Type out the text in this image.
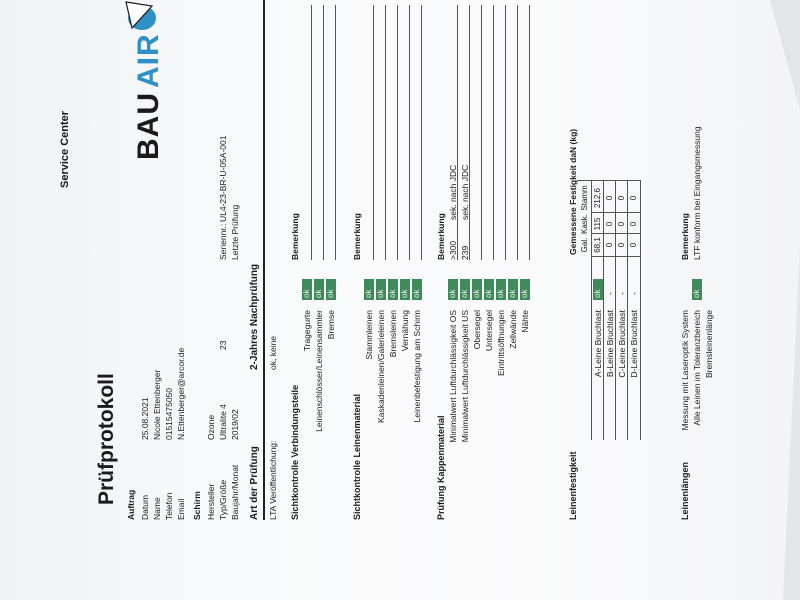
Prüfprotokoll
Service Center BAU
AIR
Auftrag Datum
25.08.2021
Name
Nicole Ettenberger
Telefon
01515475050
Email
N.Ettenberger@arcor.de
Schirm Hersteller
Ozone
Typ/Größe
Ultralite 4
23
Baujahr/Monat
2019/02
Seriennr.:
UL4-23-BR-U-05A-001
Letzte Prüfung
Art der Prüfung
2-Jahres Nachprüfung
LTA Veröffentlichung:
ok, keine
Sichtkontrolle Verbindungsteile
Bemerkung
Tragegurte
ok
Leinenschlösser/Leinensammler
ok
Bremse
ok
Sichtkontrolle Leinenmaterial
Bemerkung
Stammleinen
ok
Kaskadenleinen/Galerieleinen
ok
Bremsleinen
ok
Vernähung
ok
Leinenbefestigung am Schirm
ok
Prüfung Kappenmaterial
Bemerkung
Minimalwert Luftdurchlässigkeit OS
ok
>300
sek. nach JDC
Minimalwert Luftdurchlässigkeit US
ok
239
sek. nach JDC
Obersegel
ok
Untersegel
ok
Eintrittsöffnungen
ok
Zellwände
ok
Nähte
ok
Leinenfestigkeit
Gemessene Festigkeit daN (kg) Gal.
Kask.
Stamm
A-Leine Bruchlast
ok
68,1
115
212,6
B-Leine Bruchlast
-
0
0
0
C-Leine Bruchlast
-
0
0
0
D-Leine Bruchlast
-
0
0
0
Leinenlängen
Bemerkung
Messung mit Laseroptik System Alle Leinen im Toleranzbereich
ok
LTF konform bei Eingangsmessung
Bremsleinenlänge
